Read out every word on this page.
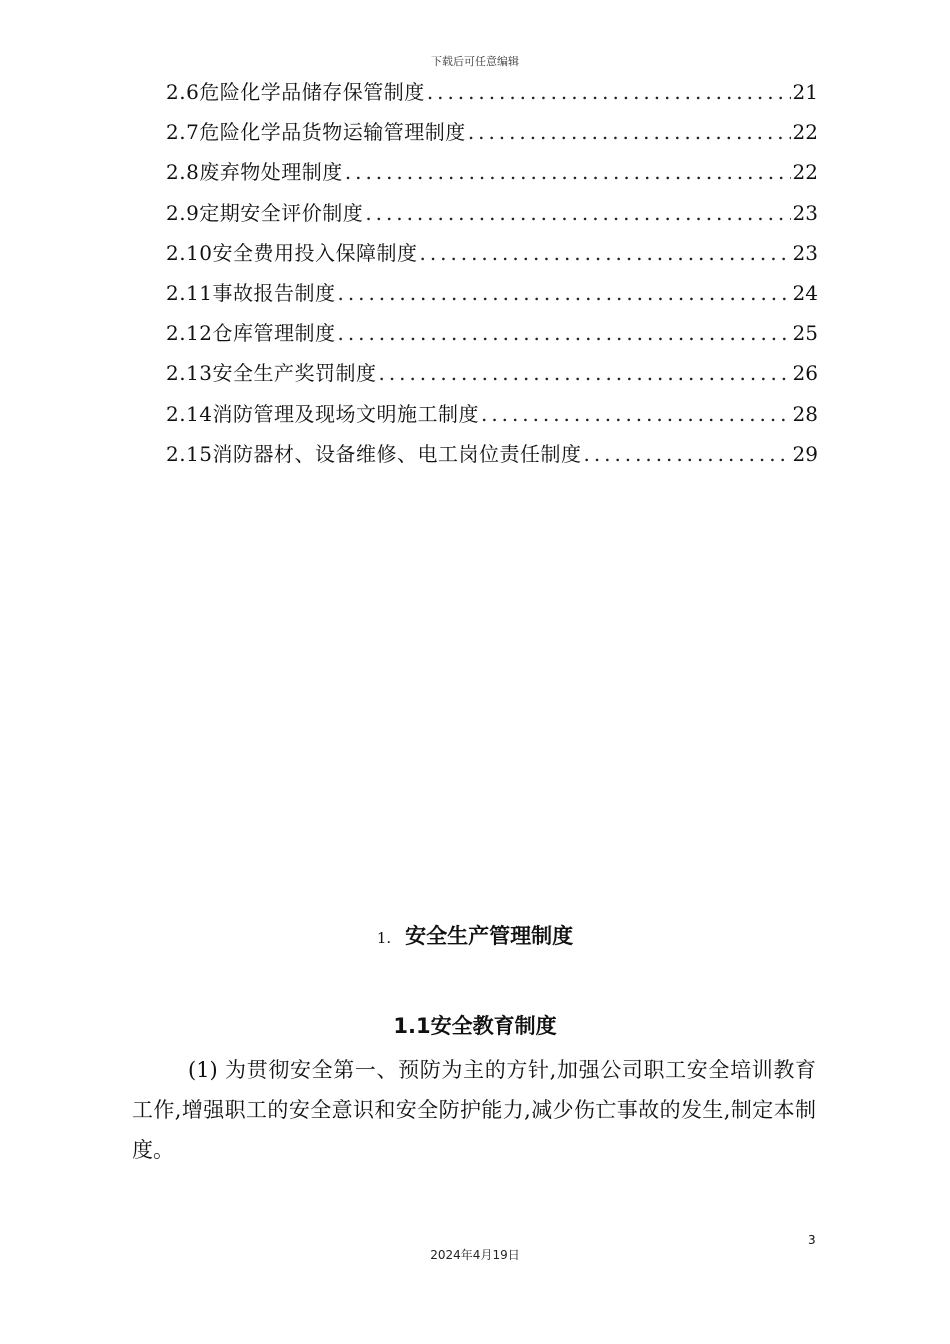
下载后可任意编辑
2.6危险化学品储存保管制度 . . .	21
2.7危险化学品货物运输管理制度 . . .	22
2.8废弃物处理制度 . . .	22
2.9定期安全评价制度 . . .	23
2.10安全费用投入保障制度 . . .	23
2.11事故报告制度 . . .	24
2.12仓库管理制度 . . .	25
2.13安全生产奖罚制度 . . .	26
2.14消防管理及现场文明施工制度 . . .	28
2.15消防器材、设备维修、电工岗位责任制度 . . .	29
1. 安全生产管理制度
1.1安全教育制度

(1) 为贯彻安全第一、预防为主的方针,加强公司职工安全培训教育工作,增强职工的安全意识和安全防护能力,减少伤亡事故的发生,制定本制度。

3
2024年4月19日
